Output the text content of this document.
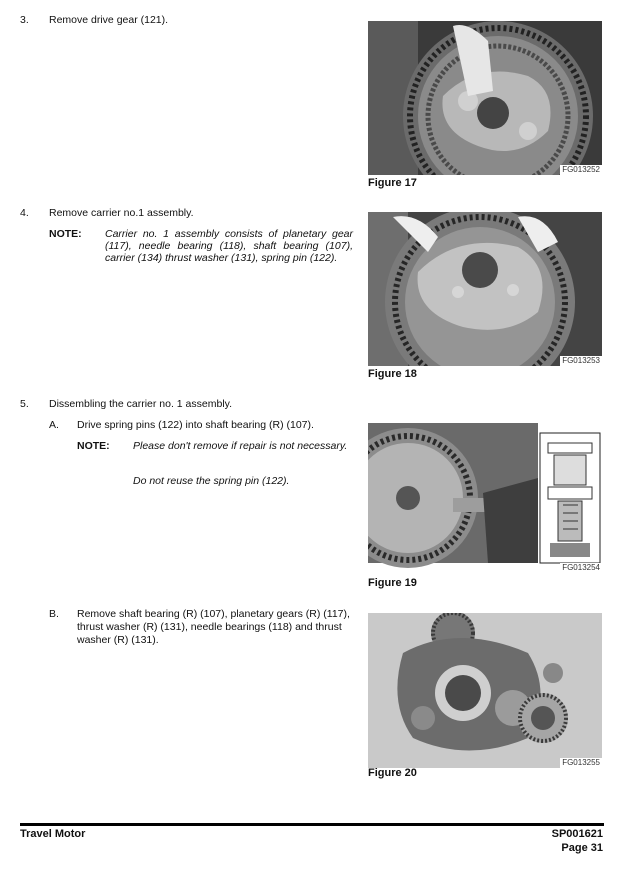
3.	Remove drive gear (121).
FG013252
Figure 17
4.	Remove carrier no.1 assembly.
NOTE: Carrier no. 1 assembly consists of planetary gear (117), needle bearing (118), shaft bearing (107), carrier (134) thrust washer (131), spring pin (122).
FG013253
Figure 18
5.	Dissembling the carrier no. 1 assembly.
A. Drive spring pins (122) into shaft bearing (R) (107).
NOTE: Please don't remove if repair is not necessary.
Do not reuse the spring pin (122).
FG013254
Figure 19
B. Remove shaft bearing (R) (107), planetary gears (R) (117), thrust washer (R) (131), needle bearings (118) and thrust washer (R) (131).
FG013255
Figure 20
Travel Motor	SP001621
Page 31
